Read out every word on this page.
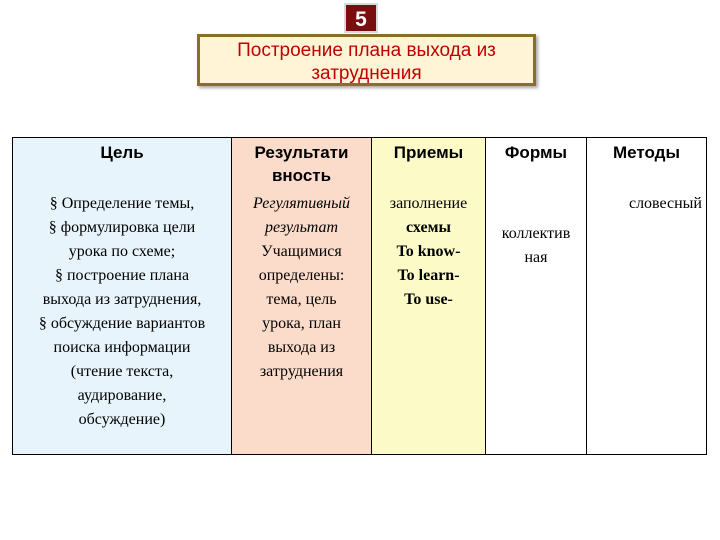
5
Построение плана выхода из
затруднения
Цель
§ Определение темы,
§ формулировка цели
урока по схеме;
§ построение плана
выхода из затруднения,
§ обсуждение вариантов
поиска информации
(чтение текста,
аудирование,
обсуждение)
Результати
вность
Регулятивный
результат
Учащимися
определены:
тема, цель
урока, план
выхода из
затруднения
Приемы
заполнение
схемы
To know-
To learn-
To use-
Формы
коллектив
ная
Методы
словесный
